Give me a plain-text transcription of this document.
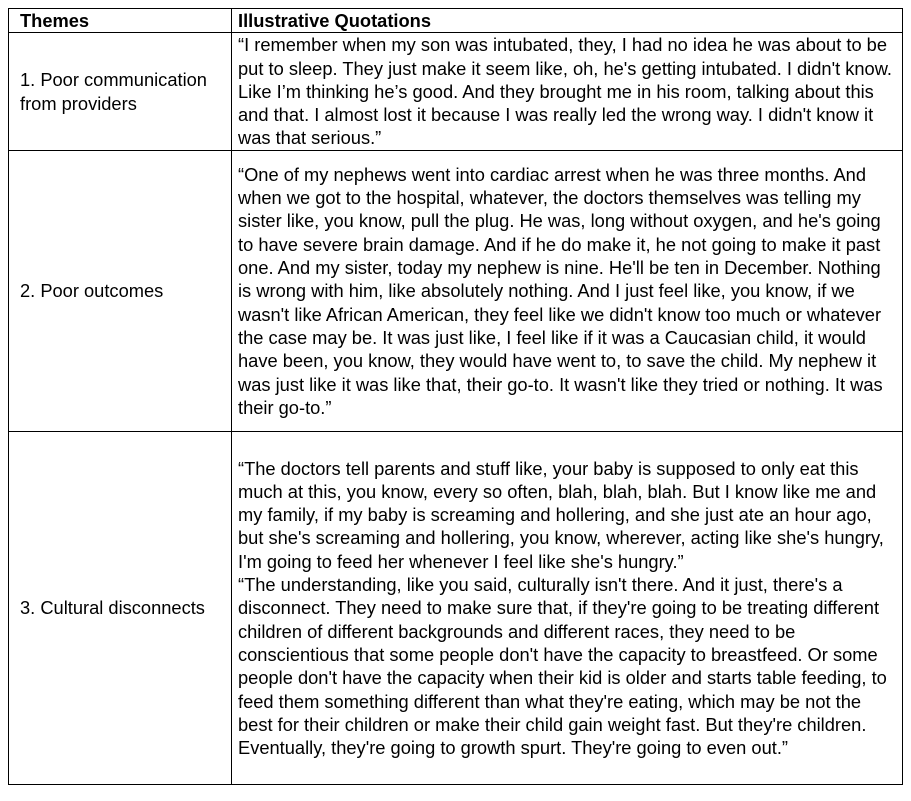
Themes	Illustrative Quotations
1. Poor communication from providers	“I remember when my son was intubated, they, I had no idea he was about to be put to sleep. They just make it seem like, oh, he's getting intubated. I didn't know. Like I’m thinking he’s good. And they brought me in his room, talking about this and that. I almost lost it because I was really led the wrong way. I didn't know it was that serious.”

2. Poor outcomes	“One of my nephews went into cardiac arrest when he was three months. And when we got to the hospital, whatever, the doctors themselves was telling my sister like, you know, pull the plug. He was, long without oxygen, and he's going to have severe brain damage. And if he do make it, he not going to make it past one. And my sister, today my nephew is nine. He'll be ten in December. Nothing is wrong with him, like absolutely nothing. And I just feel like, you know, if we wasn't like African American, they feel like we didn't know too much or whatever the case may be. It was just like, I feel like if it was a Caucasian child, it would have been, you know, they would have went to, to save the child. My nephew it was just like it was like that, their go-to. It wasn't like they tried or nothing. It was their go-to.”

3. Cultural disconnects	“The doctors tell parents and stuff like, your baby is supposed to only eat this much at this, you know, every so often, blah, blah, blah. But I know like me and my family, if my baby is screaming and hollering, and she just ate an hour ago, but she's screaming and hollering, you know, wherever, acting like she's hungry, I'm going to feed her whenever I feel like she's hungry.”

“The understanding, like you said, culturally isn't there. And it just, there's a disconnect. They need to make sure that, if they're going to be treating different children of different backgrounds and different races, they need to be conscientious that some people don't have the capacity to breastfeed. Or some people don't have the capacity when their kid is older and starts table feeding, to feed them something different than what they're eating, which may be not the best for their children or make their child gain weight fast. But they're children. Eventually, they're going to growth spurt. They're going to even out.”
